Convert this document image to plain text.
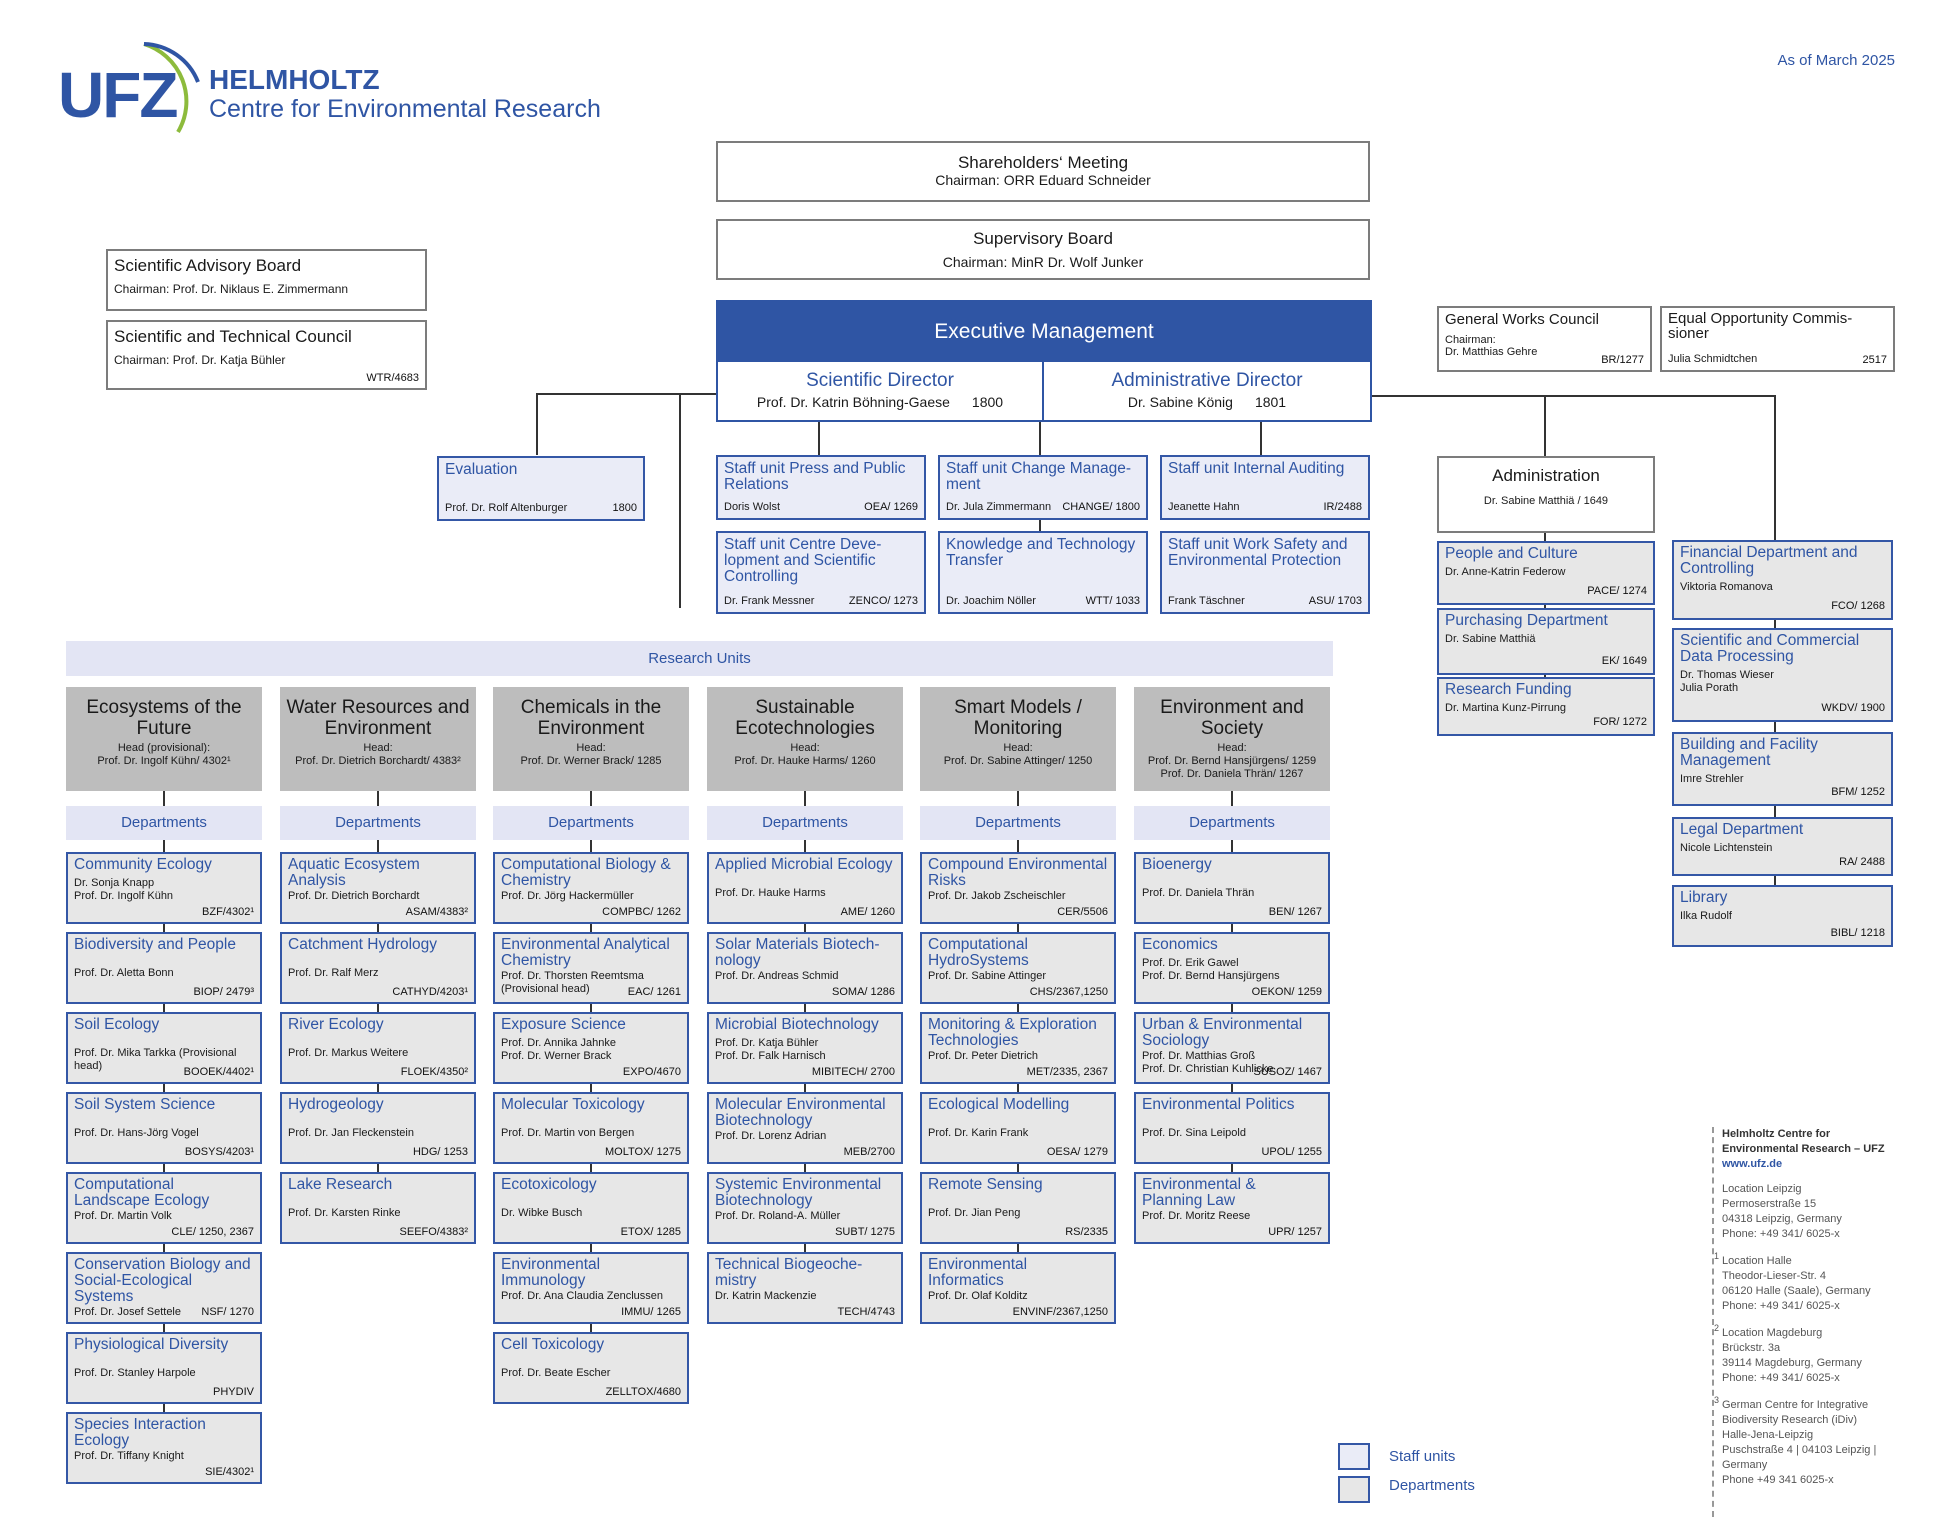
UFZ HELMHOLTZ
Centre for Environmental Research
As of March 2025
Shareholders‘ Meeting
Chairman: ORR Eduard Schneider
Supervisory Board
Chairman: MinR Dr. Wolf Junker
Scientific Advisory Board
Chairman: Prof. Dr. Niklaus E. Zimmermann
Scientific and Technical Council
Chairman: Prof. Dr. Katja Bühler
WTR/4683
Executive Management
Scientific Director
Prof. Dr. Katrin Böhning-Gaese 1800
Administrative Director
Dr. Sabine König 1801
General Works Council
Chairman:
Dr. Matthias Gehre
BR/1277
Equal Opportunity Commis-
sioner
Julia Schmidtchen	2517
Evaluation
Prof. Dr. Rolf Altenburger	1800
Staff unit Press and Public
Relations
Doris Wolst	OEA/ 1269
Staff unit Change Manage-
ment
Dr. Jula Zimmermann CHANGE/ 1800
Staff unit Internal Auditing
Jeanette Hahn	IR/2488
Staff unit Centre Deve-
lopment and Scientific
Controlling
Dr. Frank Messner	ZENCO/ 1273
Knowledge and Technology
Transfer
Dr. Joachim Nöller	WTT/ 1033
Staff unit Work Safety and
Environmental Protection
Frank Täschner	ASU/ 1703
Administration
Dr. Sabine Matthiä / 1649
People and Culture
Dr. Anne-Katrin Federow
PACE/ 1274
Purchasing Department
Dr. Sabine Matthiä
EK/ 1649
Research Funding
Dr. Martina Kunz-Pirrung
FOR/ 1272
Financial Department and
Controlling
Viktoria Romanova
FCO/ 1268
Scientific and Commercial
Data Processing
Dr. Thomas Wieser
Julia Porath
WKDV/ 1900
Building and Facility
Management
Imre Strehler
BFM/ 1252
Legal Department
Nicole Lichtenstein
RA/ 2488
Library
Ilka Rudolf
BIBL/ 1218
Research Units
Ecosystems of the
Future
Head (provisional):
Prof. Dr. Ingolf Kühn/ 4302¹
Departments
Community Ecology
Dr. Sonja Knapp
Prof. Dr. Ingolf Kühn
BZF/4302¹
Biodiversity and People
Prof. Dr. Aletta Bonn
BIOP/ 2479³
Soil Ecology
Prof. Dr. Mika Tarkka (Provisional head)	BOOEK/4402¹
Soil System Science
Prof. Dr. Hans-Jörg Vogel
BOSYS/4203¹
Computational
Landscape Ecology
Prof. Dr. Martin Volk
CLE/ 1250, 2367
Conservation Biology and
Social-Ecological Systems
Prof. Dr. Josef Settele	NSF/ 1270
Physiological Diversity
Prof. Dr. Stanley Harpole
PHYDIV
Species Interaction
Ecology
Prof. Dr. Tiffany Knight
SIE/4302¹
Water Resources and
Environment
Head:
Prof. Dr. Dietrich Borchardt/ 4383²
Departments
Aquatic Ecosystem
Analysis
Prof. Dr. Dietrich Borchardt
ASAM/4383²
Catchment Hydrology
Prof. Dr. Ralf Merz
CATHYD/4203¹
River Ecology
Prof. Dr. Markus Weitere
FLOEK/4350²
Hydrogeology
Prof. Dr. Jan Fleckenstein
HDG/ 1253
Lake Research
Prof. Dr. Karsten Rinke
SEEFO/4383²
Chemicals in the
Environment
Head:
Prof. Dr. Werner Brack/ 1285
Departments
Computational Biology &
Chemistry
Prof. Dr. Jörg Hackermüller
COMPBC/ 1262
Environmental Analytical
Chemistry
Prof. Dr. Thorsten Reemtsma
(Provisional head)	EAC/ 1261
Exposure Science
Prof. Dr. Annika Jahnke
Prof. Dr. Werner Brack
EXPO/4670
Molecular Toxicology
Prof. Dr. Martin von Bergen
MOLTOX/ 1275
Ecotoxicology
Dr. Wibke Busch
ETOX/ 1285
Environmental
Immunology
Prof. Dr. Ana Claudia Zenclussen
IMMU/ 1265
Cell Toxicology
Prof. Dr. Beate Escher
ZELLTOX/4680
Sustainable
Ecotechnologies
Head:
Prof. Dr. Hauke Harms/ 1260
Departments
Applied Microbial Ecology
Prof. Dr. Hauke Harms
AME/ 1260
Solar Materials Biotech-
nology
Prof. Dr. Andreas Schmid
SOMA/ 1286
Microbial Biotechnology
Prof. Dr. Katja Bühler
Prof. Dr. Falk Harnisch
MIBITECH/ 2700
Molecular Environmental
Biotechnology
Prof. Dr. Lorenz Adrian
MEB/2700
Systemic Environmental
Biotechnology
Prof. Dr. Roland-A. Müller
SUBT/ 1275
Technical Biogeoche-
mistry
Dr. Katrin Mackenzie
TECH/4743
Smart Models /
Monitoring
Head:
Prof. Dr. Sabine Attinger/ 1250
Departments
Compound Environmental
Risks
Prof. Dr. Jakob Zscheischler
CER/5506
Computational
HydroSystems
Prof. Dr. Sabine Attinger
CHS/2367,1250
Monitoring & Exploration
Technologies
Prof. Dr. Peter Dietrich
MET/2335, 2367
Ecological Modelling
Prof. Dr. Karin Frank
OESA/ 1279
Remote Sensing
Prof. Dr. Jian Peng
RS/2335
Environmental
Informatics
Prof. Dr. Olaf Kolditz
ENVINF/2367,1250
Environment and
Society
Head:
Prof. Dr. Bernd Hansjürgens/ 1259
Prof. Dr. Daniela Thrän/ 1267
Departments
Bioenergy
Prof. Dr. Daniela Thrän
BEN/ 1267
Economics
Prof. Dr. Erik Gawel
Prof. Dr. Bernd Hansjürgens
OEKON/ 1259
Urban & Environmental
Sociology
Prof. Dr. Matthias Groß
Prof. Dr. Christian Kuhlicke
SUSOZ/ 1467
Environmental Politics
Prof. Dr. Sina Leipold
UPOL/ 1255
Environmental &
Planning Law
Prof. Dr. Moritz Reese
UPR/ 1257
Staff units
Departments
Helmholtz Centre for
Environmental Research – UFZ
www.ufz.de
Location Leipzig
Permoserstraße 15
04318 Leipzig, Germany
Phone: +49 341/ 6025-x
1 Location Halle
Theodor-Lieser-Str. 4
06120 Halle (Saale), Germany
Phone: +49 341/ 6025-x
2 Location Magdeburg
Brückstr. 3a
39114 Magdeburg, Germany
Phone: +49 341/ 6025-x
3 German Centre for Integrative
Biodiversity Research (iDiv)
Halle-Jena-Leipzig
Puschstraße 4 | 04103 Leipzig |
Germany
Phone +49 341 6025-x
